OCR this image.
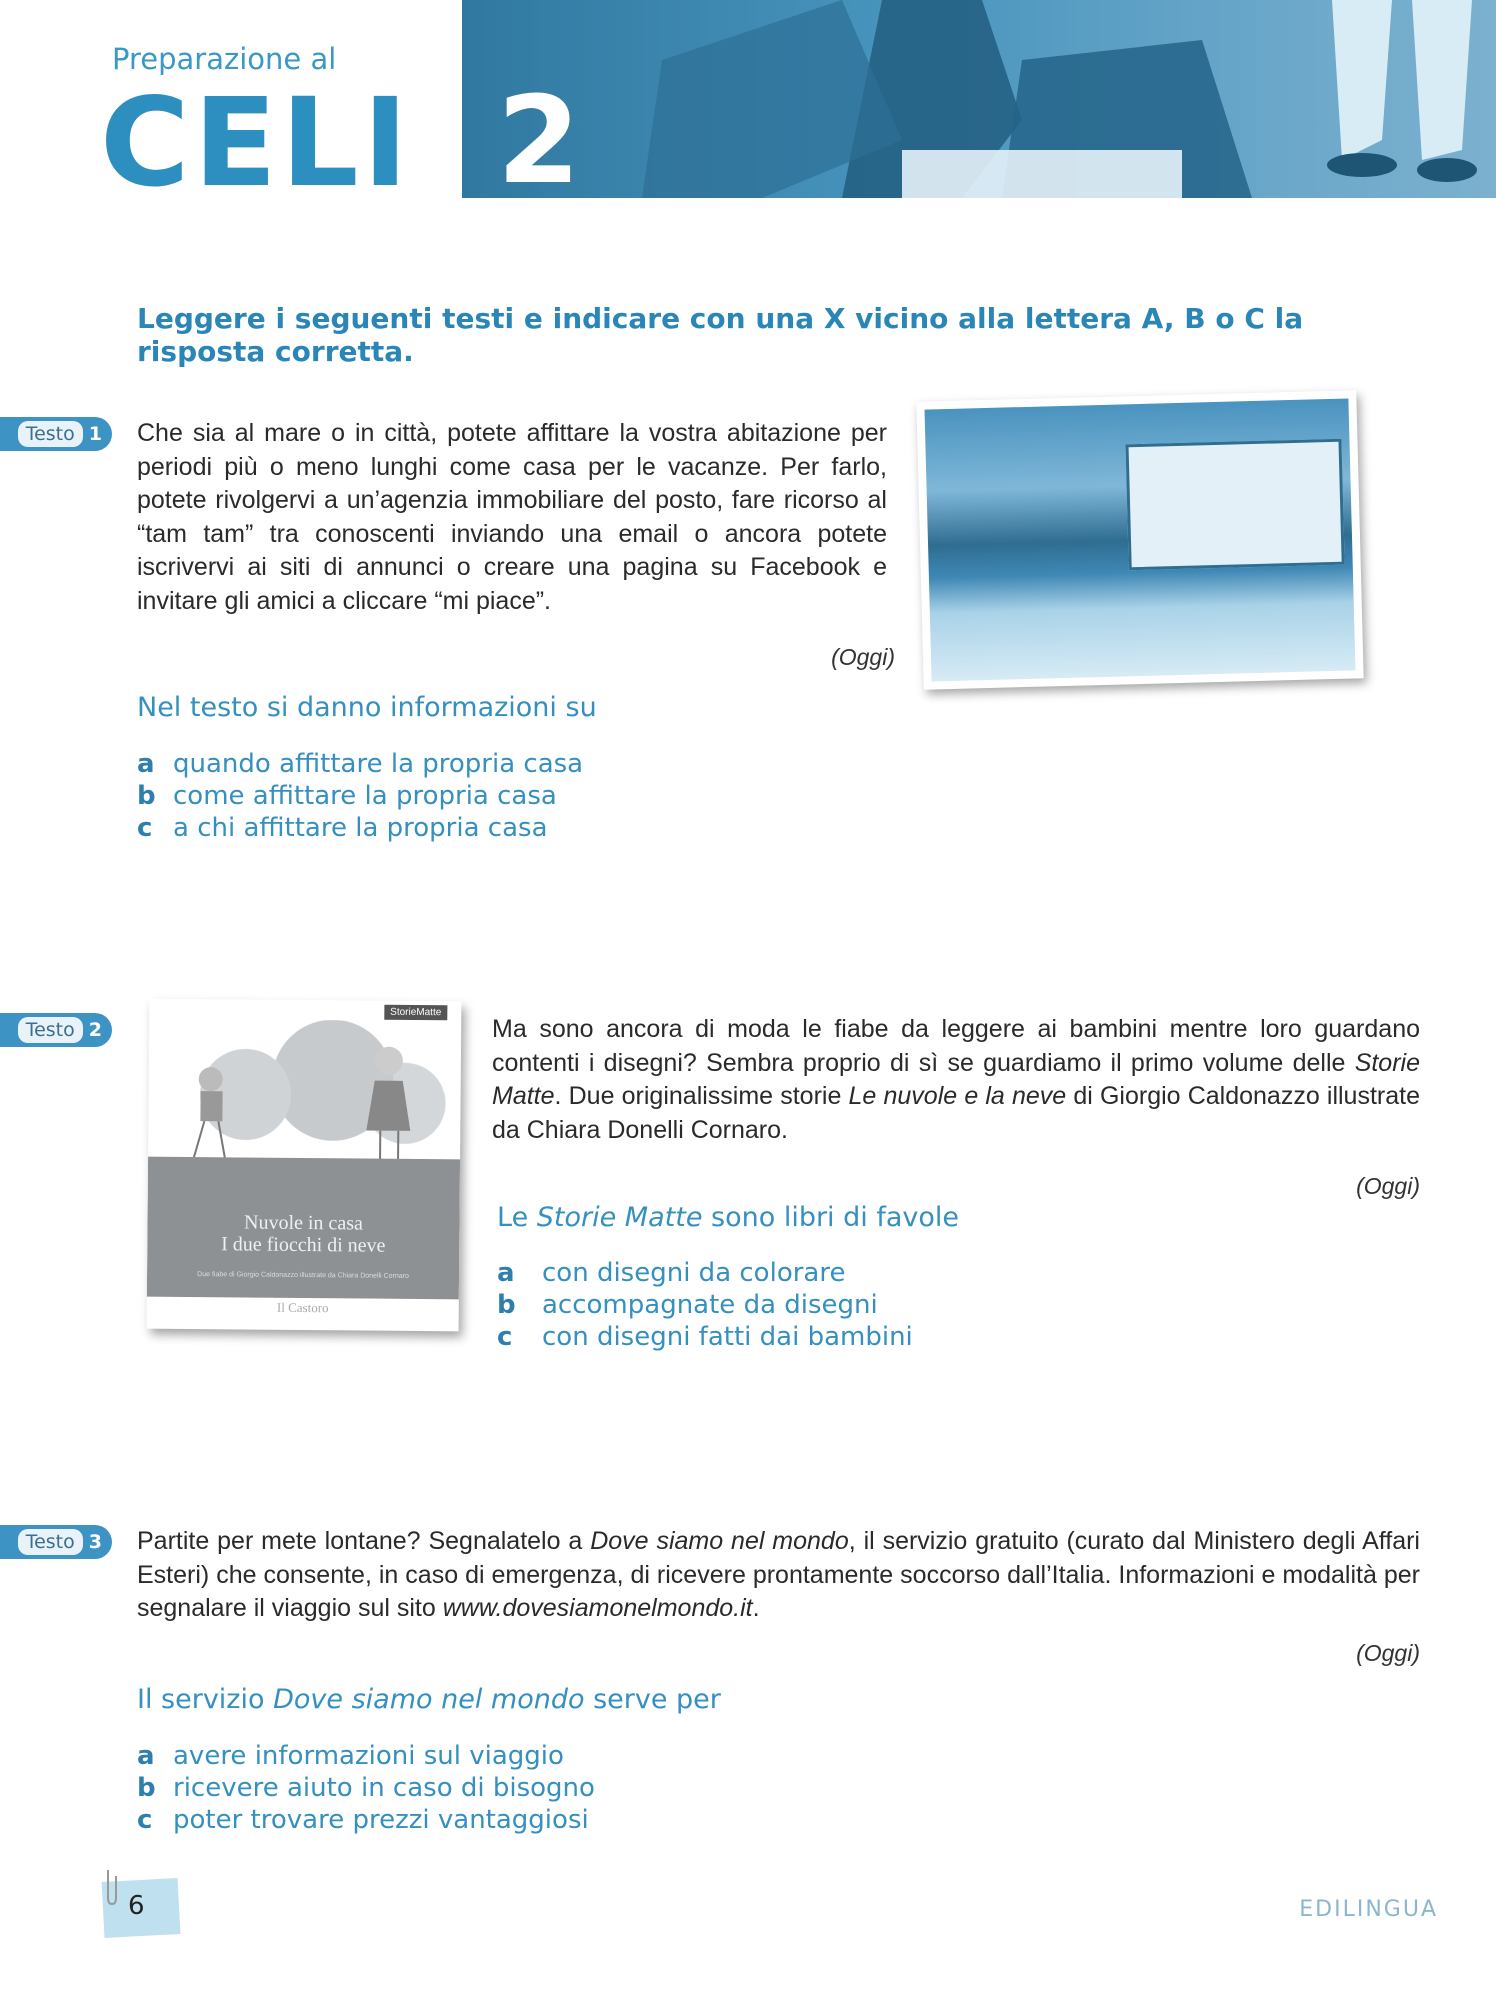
Preparazione al
CELI 2

Leggere i seguenti testi e indicare con una X vicino alla lettera A, B o C la risposta corretta.

Testo 1 Che sia al mare o in città, potete affittare la vostra abitazione per periodi più o meno lunghi come casa per le vacanze. Per farlo, potete rivolgervi a un’agenzia immobiliare del posto, fare ricorso al “tam tam” tra conoscenti inviando una email o ancora potete iscrivervi ai siti di annunci o creare una pagina su Facebook e invitare gli amici a cliccare “mi piace”.

(Oggi)

Nel testo si danno informazioni su

a quando affittare la propria casa
b come affittare la propria casa
c a chi affittare la propria casa
Testo 2
StorieMatte
Nuvole in casa
I due fiocchi di neve
Due fiabe di Giorgio Caldonazzo illustrate da Chiara Donelli Cornaro
Il Castoro

Ma sono ancora di moda le fiabe da leggere ai bambini mentre loro guardano contenti i disegni? Sembra proprio di sì se guardiamo il primo volume delle Storie Matte. Due originalissime storie Le nuvole e la neve di Giorgio Caldonazzo illustrate da Chiara Donelli Cornaro.

(Oggi)

Le Storie Matte sono libri di favole

a	con disegni da colorare
b	accompagnate da disegni
c	con disegni fatti dai bambini
Testo 3 Partite per mete lontane? Segnalatelo a Dove siamo nel mondo, il servizio gratuito (curato dal Ministero degli Affari Esteri) che consente, in caso di emergenza, di ricevere prontamente soccorso dall’Italia. Informazioni e modalità per segnalare il viaggio sul sito www.dovesiamonelmondo.it.

(Oggi)

Il servizio Dove siamo nel mondo serve per

a avere informazioni sul viaggio
b ricevere aiuto in caso di bisogno
c poter trovare prezzi vantaggiosi
6	EDILINGUA
